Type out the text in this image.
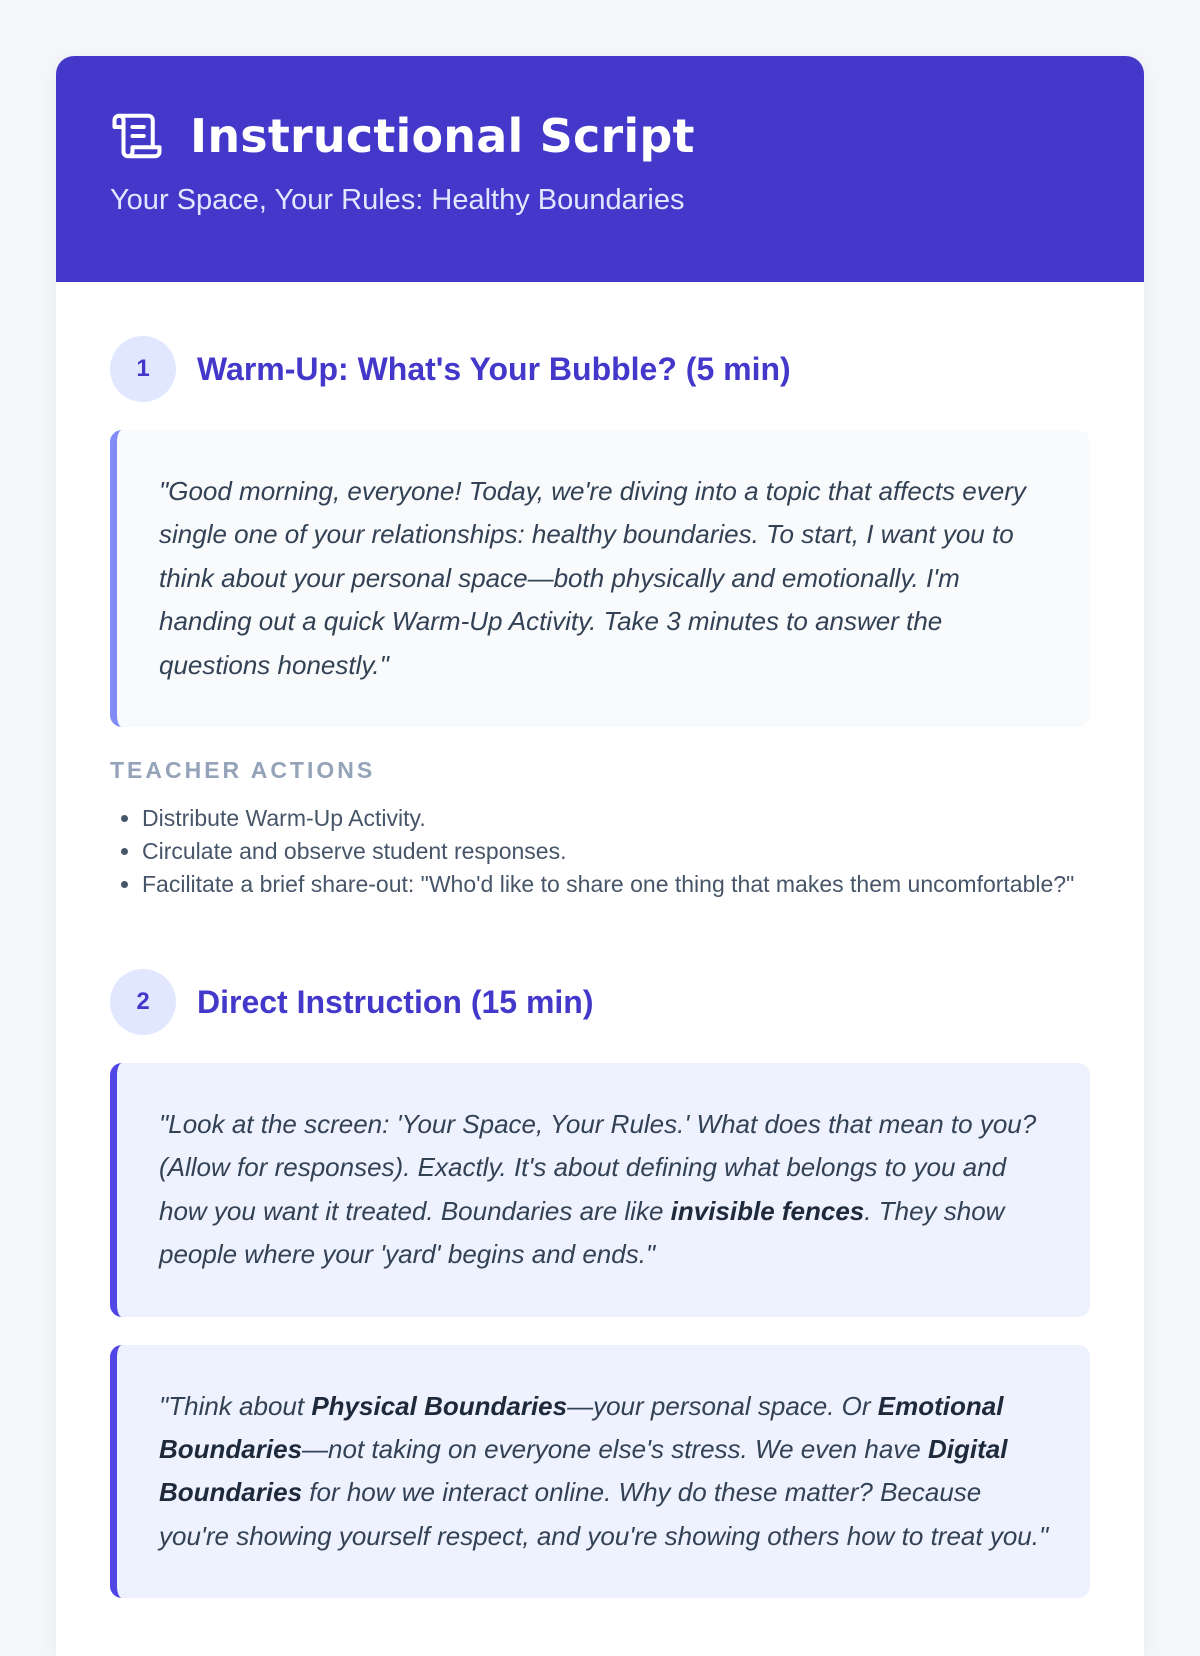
Instructional Script
Your Space, Your Rules: Healthy Boundaries
1	Warm-Up: What's Your Bubble? (5 min)
"Good morning, everyone! Today, we're diving into a topic that affects every single one of your relationships: healthy boundaries. To start, I want you to think about your personal space—both physically and emotionally. I'm handing out a quick Warm-Up Activity. Take 3 minutes to answer the questions honestly."
TEACHER ACTIONS
• Distribute Warm-Up Activity.
• Circulate and observe student responses.
• Facilitate a brief share-out: "Who'd like to share one thing that makes them uncomfortable?"
2	Direct Instruction (15 min)
"Look at the screen: 'Your Space, Your Rules.' What does that mean to you? (Allow for responses). Exactly. It's about defining what belongs to you and how you want it treated. Boundaries are like invisible fences. They show people where your 'yard' begins and ends."
"Think about Physical Boundaries—your personal space. Or Emotional Boundaries—not taking on everyone else's stress. We even have Digital Boundaries for how we interact online. Why do these matter? Because you're showing yourself respect, and you're showing others how to treat you."
